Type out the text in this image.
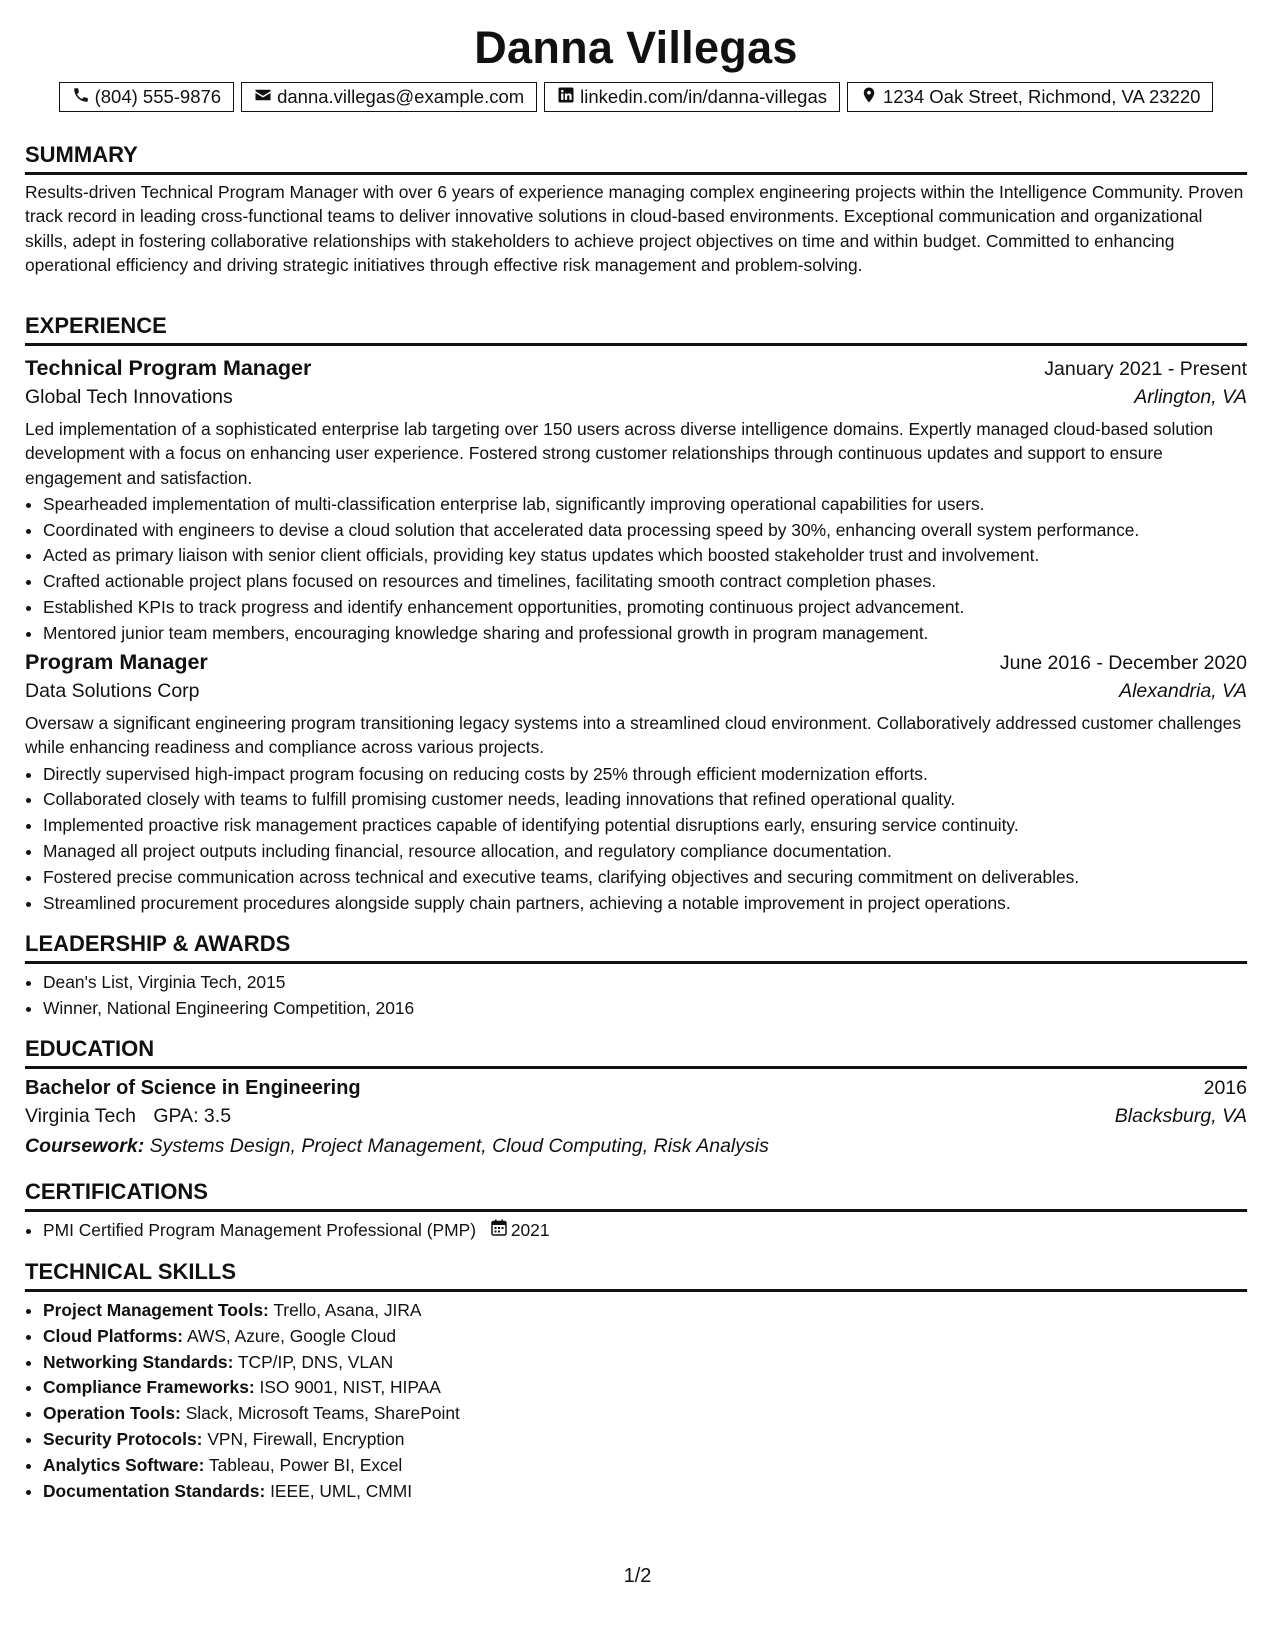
Danna Villegas
(804) 555-9876	danna.villegas@example.com	linkedin.com/in/danna-villegas	1234 Oak Street, Richmond, VA 23220
SUMMARY

Results-driven Technical Program Manager with over 6 years of experience managing complex engineering projects within the Intelligence Community. Proven track record in leading cross-functional teams to deliver innovative solutions in cloud-based environments. Exceptional communication and organizational skills, adept in fostering collaborative relationships with stakeholders to achieve project objectives on time and within budget. Committed to enhancing operational efficiency and driving strategic initiatives through effective risk management and problem-solving.

EXPERIENCE
Technical Program Manager	January 2021 - Present
Global Tech Innovations	Arlington, VA

Led implementation of a sophisticated enterprise lab targeting over 150 users across diverse intelligence domains. Expertly managed cloud-based solution development with a focus on enhancing user experience. Fostered strong customer relationships through continuous updates and support to ensure engagement and satisfaction.

• Spearheaded implementation of multi-classification enterprise lab, significantly improving operational capabilities for users.
• Coordinated with engineers to devise a cloud solution that accelerated data processing speed by 30%, enhancing overall system performance.
• Acted as primary liaison with senior client officials, providing key status updates which boosted stakeholder trust and involvement.
• Crafted actionable project plans focused on resources and timelines, facilitating smooth contract completion phases.
• Established KPIs to track progress and identify enhancement opportunities, promoting continuous project advancement.
• Mentored junior team members, encouraging knowledge sharing and professional growth in program management.
Program Manager	June 2016 - December 2020
Data Solutions Corp	Alexandria, VA

Oversaw a significant engineering program transitioning legacy systems into a streamlined cloud environment. Collaboratively addressed customer challenges while enhancing readiness and compliance across various projects.

• Directly supervised high-impact program focusing on reducing costs by 25% through efficient modernization efforts.
• Collaborated closely with teams to fulfill promising customer needs, leading innovations that refined operational quality.
• Implemented proactive risk management practices capable of identifying potential disruptions early, ensuring service continuity.
• Managed all project outputs including financial, resource allocation, and regulatory compliance documentation.
• Fostered precise communication across technical and executive teams, clarifying objectives and securing commitment on deliverables.
• Streamlined procurement procedures alongside supply chain partners, achieving a notable improvement in project operations.
LEADERSHIP & AWARDS
• Dean's List, Virginia Tech, 2015
• Winner, National Engineering Competition, 2016
EDUCATION
Bachelor of Science in Engineering	2016
Virginia Tech GPA: 3.5	Blacksburg, VA
Coursework: Systems Design, Project Management, Cloud Computing, Risk Analysis
CERTIFICATIONS
• PMI Certified Program Management Professional (PMP) 2021
TECHNICAL SKILLS
• Project Management Tools: Trello, Asana, JIRA
• Cloud Platforms: AWS, Azure, Google Cloud
• Networking Standards: TCP/IP, DNS, VLAN
• Compliance Frameworks: ISO 9001, NIST, HIPAA
• Operation Tools: Slack, Microsoft Teams, SharePoint
• Security Protocols: VPN, Firewall, Encryption
• Analytics Software: Tableau, Power BI, Excel
• Documentation Standards: IEEE, UML, CMMI
1/2
